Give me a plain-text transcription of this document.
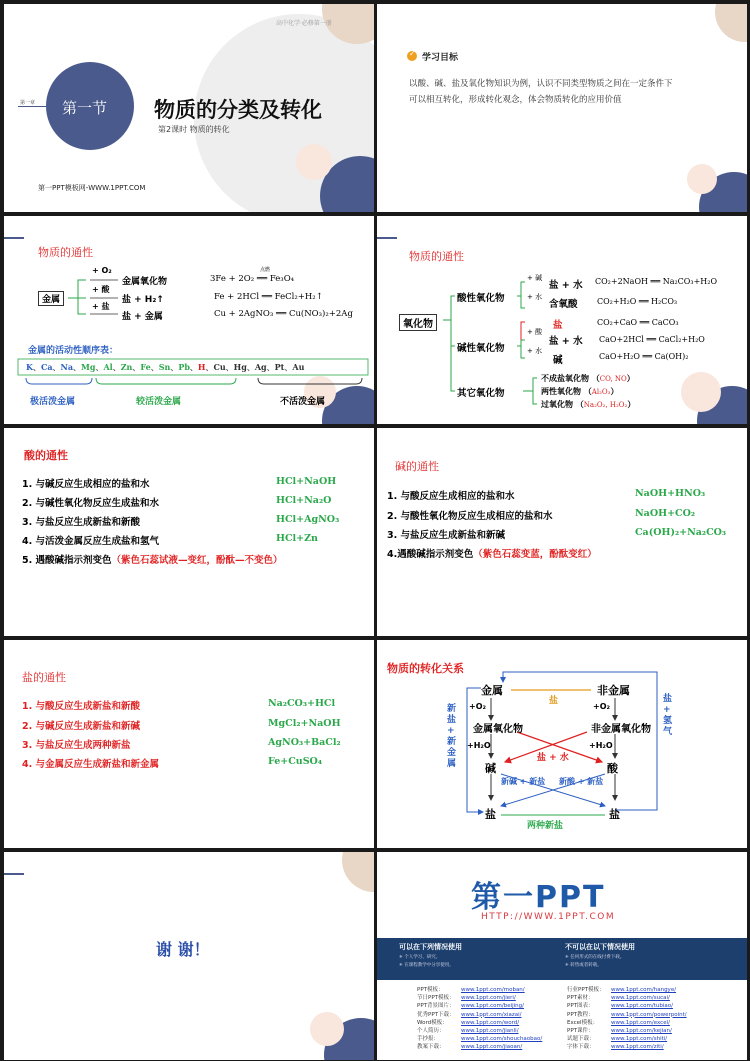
高中化学·必修第一册
第一章 第一节 物质的分类及转化
第2课时 物质的转化
第一PPT模板网-WWW.1PPT.COM
✓ 学习目标
以酸、碱、盐及氧化物知识为例，认识不同类型物质之间在一定条件下
可以相互转化，形成转化观念，体会物质转化的应用价值
物质的通性
金属
+ O₂
金属氧化物
+ 酸
盐 + H₂↑
+ 盐
盐 + 金属
点燃
3Fe + 2O₂ ══ Fe₃O₄
Fe + 2HCl ══ FeCl₂+H₂↑
Cu + 2AgNO₃ ══ Cu(NO₃)₂+2Ag
金属的活动性顺序表：
K、Ca、Na、Mg、Al、Zn、Fe、Sn、Pb、H、Cu、Hg、Ag、Pt、Au
极活泼金属	较活泼金属	不活泼金属
物质的通性
氧化物
酸性氧化物
+ 碱
盐 + 水
+ 水
含氧酸
盐
碱性氧化物
+ 酸
盐 + 水
+ 水
碱
其它氧化物
CO₂+2NaOH ══ Na₂CO₃+H₂O
CO₂+H₂O ══ H₂CO₃
CO₂+CaO ══ CaCO₃
CaO+2HCl ══ CaCl₂+H₂O
CaO+H₂O ══ Ca(OH)₂
不成盐氧化物 （CO, NO）
两性氧化物 （Al₂O₃）
过氧化物 （Na₂O₂, H₂O₂）
酸的通性
1. 与碱反应生成相应的盐和水	HCl+NaOH
2. 与碱性氧化物反应生成盐和水	HCl+Na₂O
3. 与盐反应生成新盐和新酸	HCl+AgNO₃
4. 与活泼金属反应生成盐和氢气	HCl+Zn
5. 遇酸碱指示剂变色（紫色石蕊试液—变红，酚酞—不变色）
碱的通性
1. 与酸反应生成相应的盐和水	NaOH+HNO₃
2. 与酸性氧化物反应生成相应的盐和水	NaOH+CO₂
3. 与盐反应生成新盐和新碱	Ca(OH)₂+Na₂CO₃
4.遇酸碱指示剂变色（紫色石蕊变蓝，酚酞变红）
盐的通性
1. 与酸反应生成新盐和新酸	Na₂CO₃+HCl
2. 与碱反应生成新盐和新碱	MgCl₂+NaOH
3. 与盐反应生成两种新盐	AgNO₃+BaCl₂
4. 与金属反应生成新盐和新金属	Fe+CuSO₄
物质的转化关系
金属	非金属
盐
+O₂	+O₂
金属氧化物	非金属氧化物
+H₂O	+H₂O
盐 + 水
碱	酸
新碱 + 新盐 新酸 + 新盐
盐	盐
两种新盐
新
盐
+
新
金
属
盐
+
氢
气
谢 谢！
第一PPT
HTTP://WWW.1PPT.COM
可以在下列情况使用
✳ 个人学习、研究。
✳ 在课程教学中分享使用。
不可以在以下情况使用
✳ 任何形式的在线付费下载。
✳ 转售或者转载。
PPT模板：	www.1ppt.com/moban/
节日PPT模板： www.1ppt.com/jieri/
PPT背景图片： www.1ppt.com/beijing/
优秀PPT下载： www.1ppt.com/xiazai/
Word模板： www.1ppt.com/word/
个人简历：	www.1ppt.com/jianli/
手抄报：	www.1ppt.com/shouchaobao/
教案下载：	www.1ppt.com/jiaoan/
行业PPT模板： www.1ppt.com/hangye/
PPT素材：	www.1ppt.com/sucai/
PPT图表：	www.1ppt.com/tubiao/
PPT教程：	www.1ppt.com/powerpoint/
Excel模板： www.1ppt.com/excel/
PPT课件：	www.1ppt.com/kejian/
试题下载：	www.1ppt.com/shiti/
字体下载：	www.1ppt.com/ziti/
